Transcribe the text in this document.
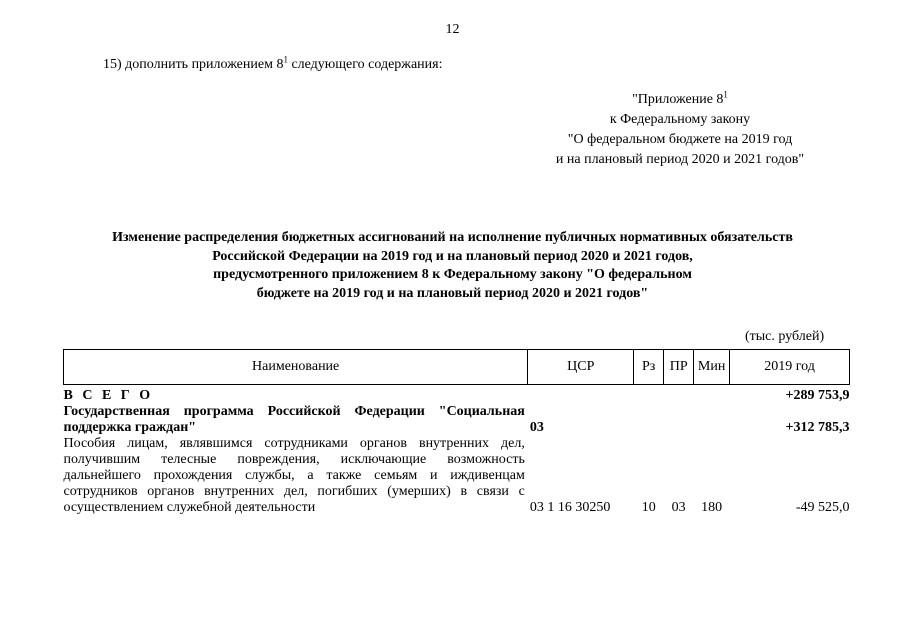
12
15) дополнить приложением $8^1$ следующего содержания:
"Приложение $8^1$
к Федеральному закону
"О федеральном бюджете на 2019 год
и на плановый период 2020 и 2021 годов"
Изменение распределения бюджетных ассигнований на исполнение публичных нормативных обязательств
Российской Федерации на 2019 год и на плановый период 2020 и 2021 годов,
предусмотренного приложением 8 к Федеральному закону "О федеральном
бюджете на 2019 год и на плановый период 2020 и 2021 годов"
(тыс. рублей)
Наименование	ЦСР	Рз	ПР	Мин	2019 год
В С Е Г О					+289 753,9
Государственная программа Российской Федерации "Социальная поддержка граждан"	03				+312 785,3
Пособия лицам, являвшимся сотрудниками органов внутренних дел, получившим телесные повреждения, исключающие возможность дальнейшего прохождения службы, а также семьям и иждивенцам сотрудников органов внутренних дел, погибших (умерших) в связи с осуществлением служебной деятельности	03 1 16 30250	10	03	180	-49 525,0
